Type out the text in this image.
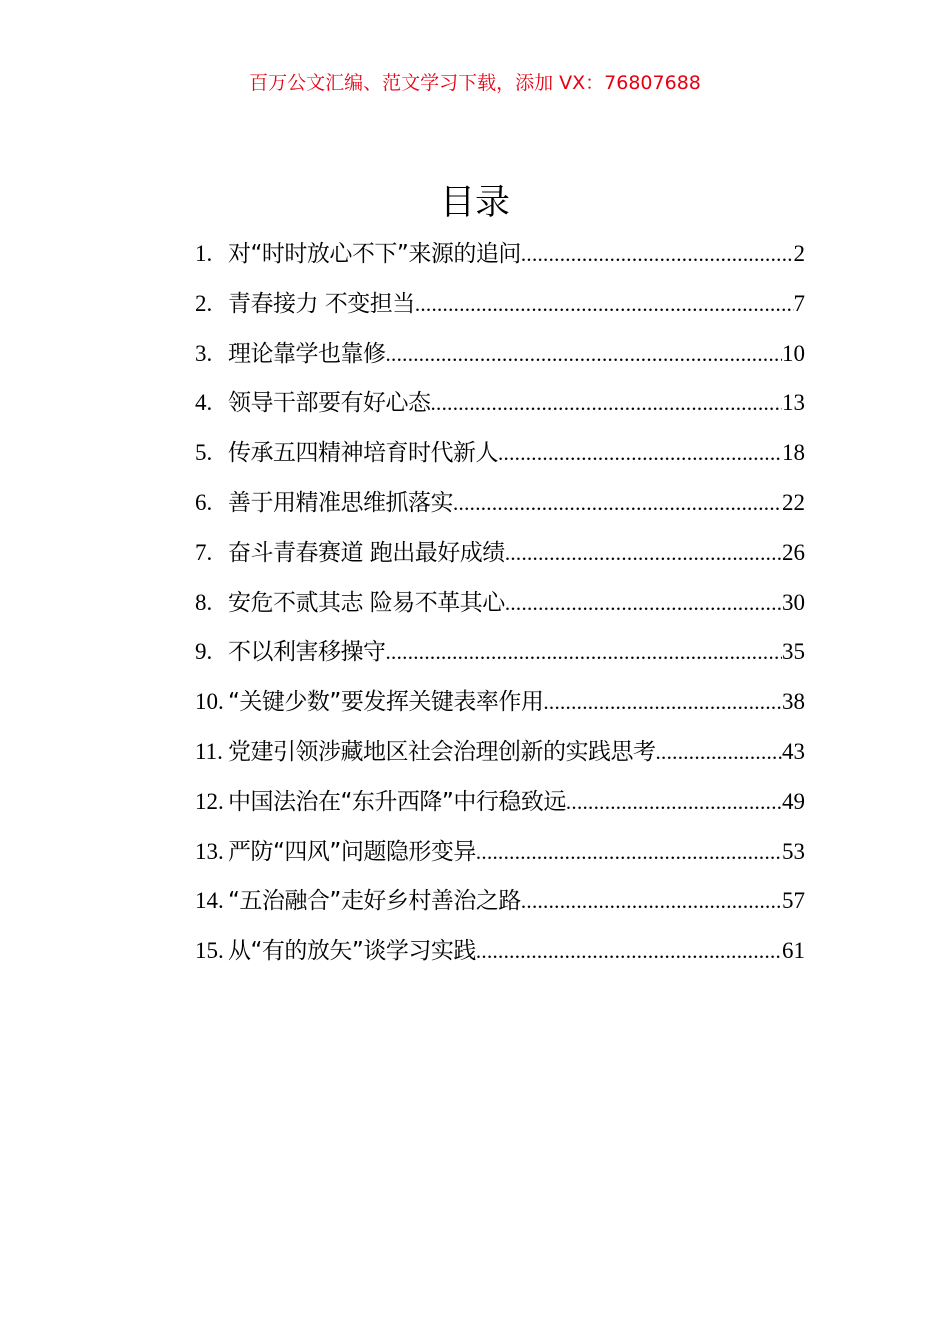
百万公文汇编、范文学习下载，添加 VX：76807688
目录
1. 对“时时放心不下”来源的追问 .....	2
2. 青春接力 不变担当 .....	7
3. 理论靠学也靠修 .....	10
4. 领导干部要有好心态 .....	13
5. 传承五四精神培育时代新人 .....	18
6. 善于用精准思维抓落实 .....	22
7. 奋斗青春赛道 跑出最好成绩 .....	26
8. 安危不贰其志 险易不革其心 .....	30
9. 不以利害移操守 .....	35
10. “关键少数”要发挥关键表率作用 .....	38
11. 党建引领涉藏地区社会治理创新的实践思考 .....	43
12. 中国法治在“东升西降”中行稳致远 .....	49
13. 严防“四风”问题隐形变异 .....	53
14. “五治融合”走好乡村善治之路 .....	57
15. 从“有的放矢”谈学习实践 .....	61
